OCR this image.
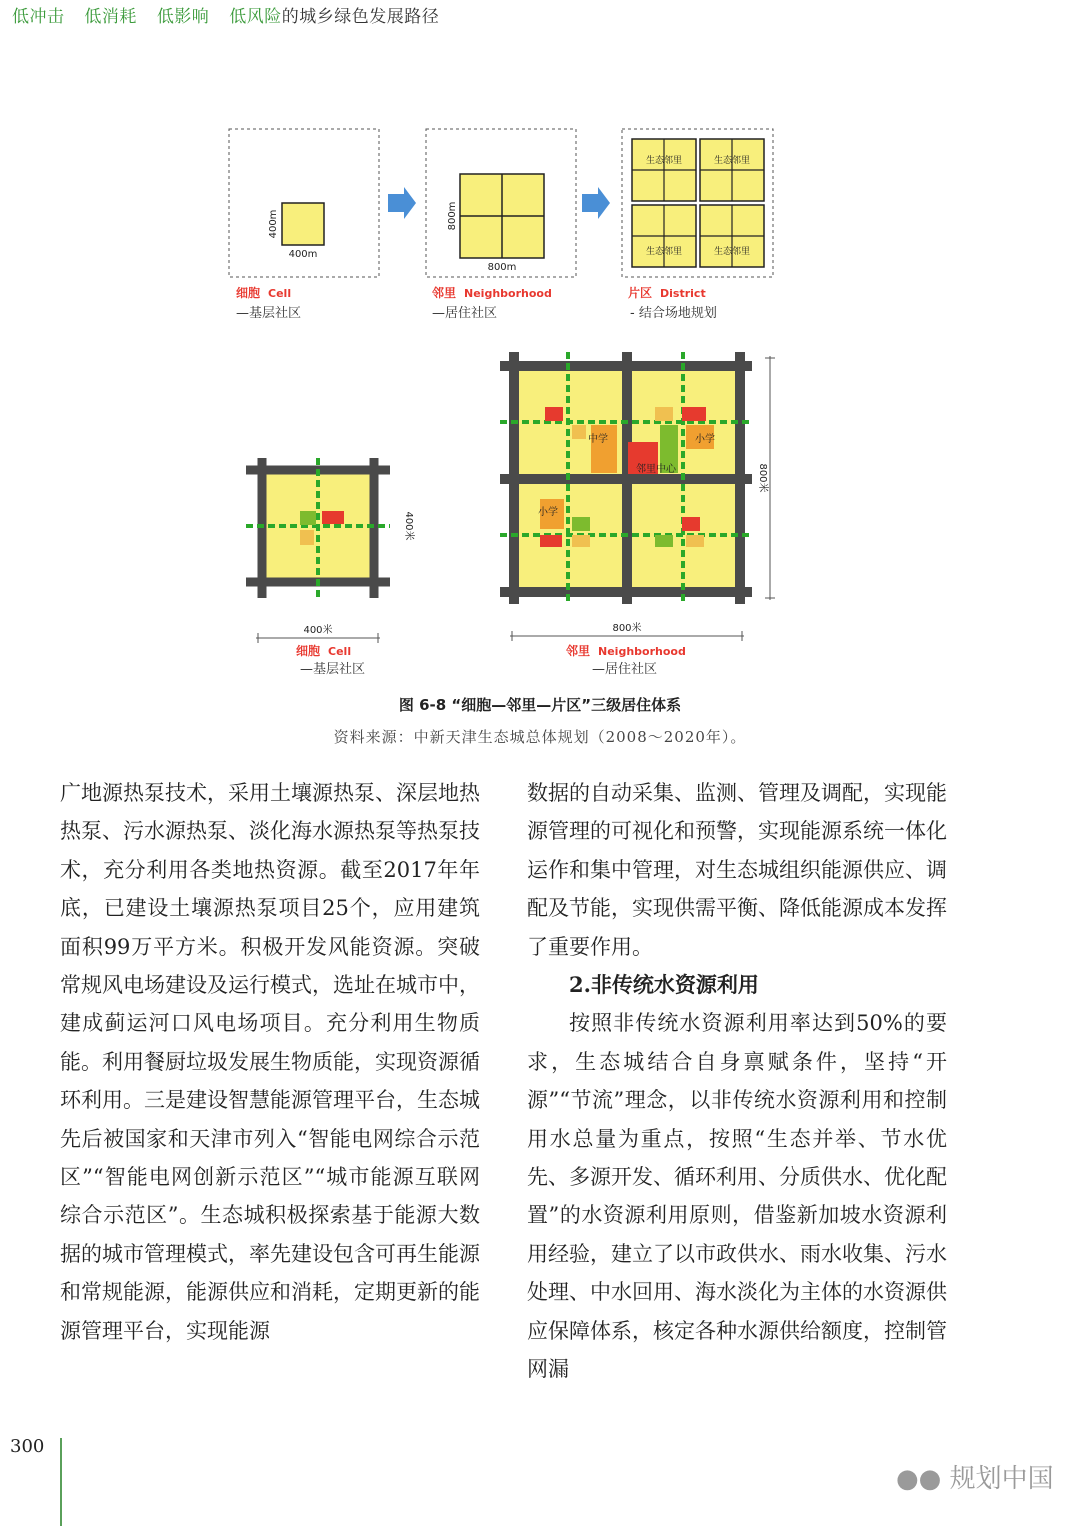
低冲击 低消耗 低影响 低风险的城乡绿色发展路径
400m
400m
细胞 Cell
—基层社区
800m
800m
邻里 Neighborhood
—居住社区
生态邻里	生态邻里
生态邻里	生态邻里
片区 District
- 结合场地规划
400米
400米
细胞 Cell
—基层社区
中学	小学
邻里中心
小学
800米
800米
邻里 Neighborhood
—居住社区
图 6-8 “细胞—邻里—片区”三级居住体系
资料来源：中新天津生态城总体规划（2008～2020年）。

广地源热泵技术，采用土壤源热泵、深层地热热泵、污水源热泵、淡化海水源热泵等热泵技术，充分利用各类地热资源。截至2017年年底，已建设土壤源热泵项目25个，应用建筑面积99万平方米。积极开发风能资源。突破常规风电场建设及运行模式，选址在城市中，建成蓟运河口风电场项目。充分利用生物质能。利用餐厨垃圾发展生物质能，实现资源循环利用。三是建设智慧能源管理平台，生态城先后被国家和天津市列入“智能电网综合示范区”“智能电网创新示范区”“城市能源互联网综合示范区”。生态城积极探索基于能源大数据的城市管理模式，率先建设包含可再生能源和常规能源，能源供应和消耗，定期更新的能源管理平台，实现能源

数据的自动采集、监测、管理及调配，实现能源管理的可视化和预警，实现能源系统一体化运作和集中管理，对生态城组织能源供应、调配及节能，实现供需平衡、降低能源成本发挥了重要作用。

2.非传统水资源利用

按照非传统水资源利用率达到50%的要求，生态城结合自身禀赋条件，坚持“开源”“节流”理念，以非传统水资源利用和控制用水总量为重点，按照“生态并举、节水优先、多源开发、循环利用、分质供水、优化配置”的水资源利用原则，借鉴新加坡水资源利用经验，建立了以市政供水、雨水收集、污水处理、中水回用、海水淡化为主体的水资源供应保障体系，核定各种水源供给额度，控制管网漏

300
●● 规划中国
